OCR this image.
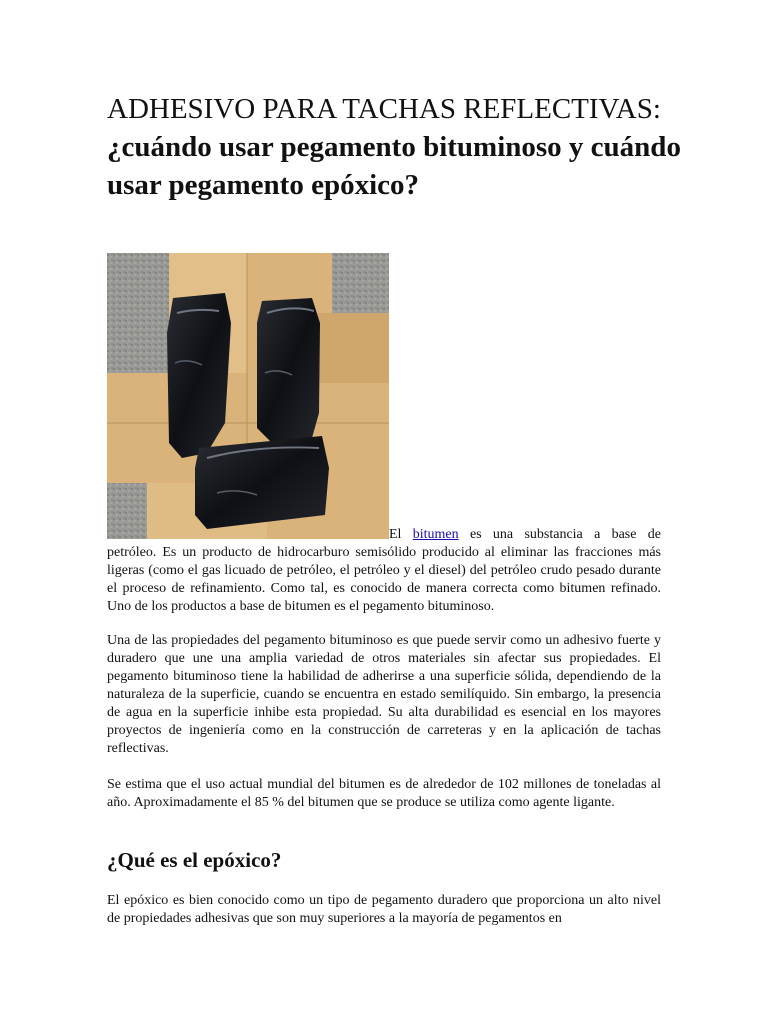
ADHESIVO PARA TACHAS REFLECTIVAS: ¿cuándo usar pegamento bituminoso y cuándo usar pegamento epóxico?

El bitumen es una substancia a base de

petróleo. Es un producto de hidrocarburo semisólido producido al eliminar las fracciones más ligeras (como el gas licuado de petróleo, el petróleo y el diesel) del petróleo crudo pesado durante el proceso de refinamiento. Como tal, es conocido de manera correcta como bitumen refinado. Uno de los productos a base de bitumen es el pegamento bituminoso.

Una de las propiedades del pegamento bituminoso es que puede servir como un adhesivo fuerte y duradero que une una amplia variedad de otros materiales sin afectar sus propiedades. El pegamento bituminoso tiene la habilidad de adherirse a una superficie sólida, dependiendo de la naturaleza de la superficie, cuando se encuentra en estado semilíquido. Sin embargo, la presencia de agua en la superficie inhibe esta propiedad. Su alta durabilidad es esencial en los mayores proyectos de ingeniería como en la construcción de carreteras y en la aplicación de tachas reflectivas.

Se estima que el uso actual mundial del bitumen es de alrededor de 102 millones de toneladas al año. Aproximadamente el 85 % del bitumen que se produce se utiliza como agente ligante.

¿Qué es el epóxico?

El epóxico es bien conocido como un tipo de pegamento duradero que proporciona un alto nivel de propiedades adhesivas que son muy superiores a la mayoría de pegamentos en
